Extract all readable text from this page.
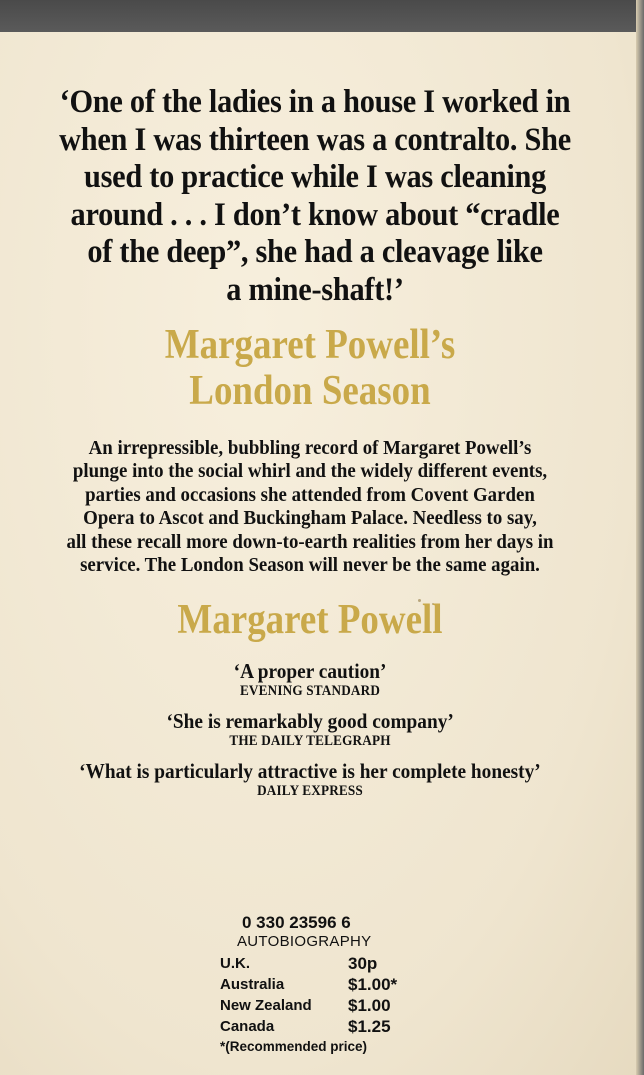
‘One of the ladies in a house I worked in
when I was thirteen was a contralto. She
used to practice while I was cleaning
around . . . I don’t know about “cradle
of the deep”, she had a cleavage like
a mine-shaft!’
Margaret Powell’s
London Season
An irrepressible, bubbling record of Margaret Powell’s
plunge into the social whirl and the widely different events,
parties and occasions she attended from Covent Garden
Opera to Ascot and Buckingham Palace. Needless to say,
all these recall more down-to-earth realities from her days in
service. The London Season will never be the same again.
Margaret Powell
‘A proper caution’
EVENING STANDARD
‘She is remarkably good company’
THE DAILY TELEGRAPH
‘What is particularly attractive is her complete honesty’
DAILY EXPRESS
0 330 23596 6
AUTOBIOGRAPHY
U.K.	30p
Australia	$1.00*
New Zealand	$1.00
Canada	$1.25
*(Recommended price)
